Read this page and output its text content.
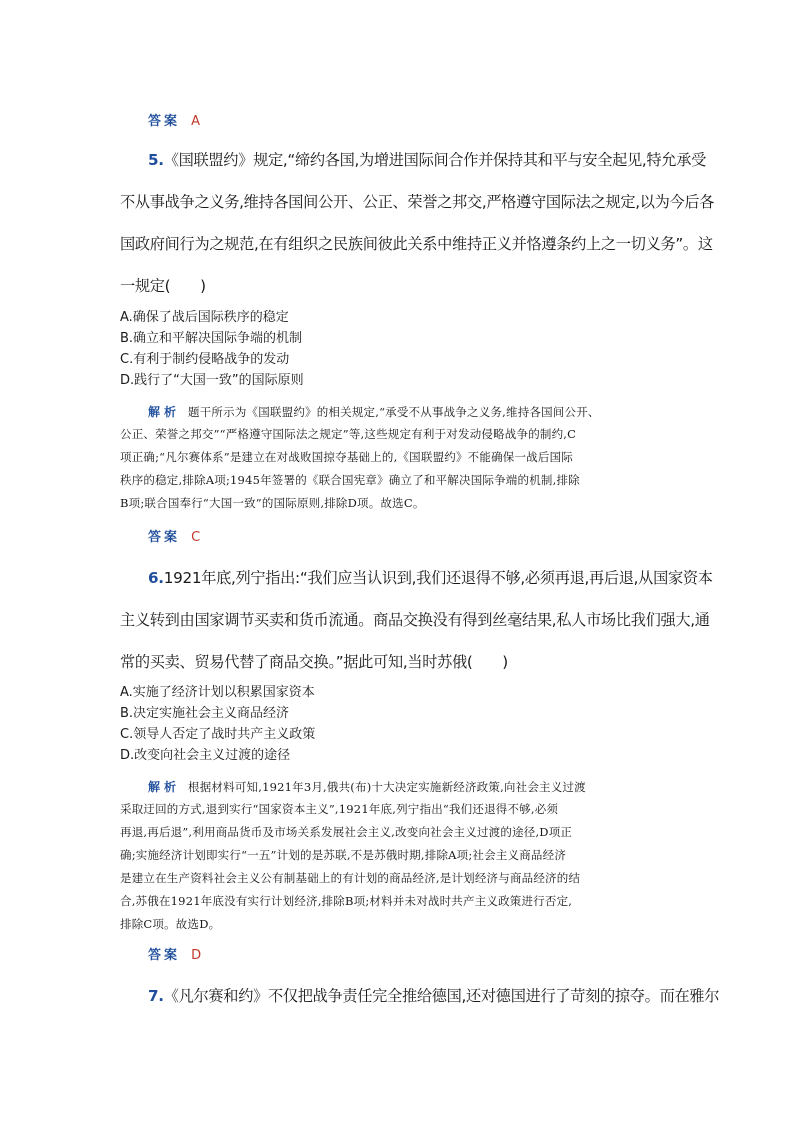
答案 A
5.《国联盟约》规定,“缔约各国,为增进国际间合作并保持其和平与安全起见,特允承受
不从事战争之义务,维持各国间公开、公正、荣誉之邦交,严格遵守国际法之规定,以为今后各
国政府间行为之规范,在有组织之民族间彼此关系中维持正义并恪遵条约上之一切义务”。这
一规定(　　)
A.确保了战后国际秩序的稳定
B.确立和平解决国际争端的机制
C.有利于制约侵略战争的发动
D.践行了“大国一致”的国际原则
解析 题干所示为《国联盟约》的相关规定,“承受不从事战争之义务,维持各国间公开、
公正、荣誉之邦交”“严格遵守国际法之规定”等,这些规定有利于对发动侵略战争的制约,C
项正确;“凡尔赛体系”是建立在对战败国掠夺基础上的,《国联盟约》不能确保一战后国际
秩序的稳定,排除A项;1945年签署的《联合国宪章》确立了和平解决国际争端的机制,排除
B项;联合国奉行“大国一致”的国际原则,排除D项。故选C。
答案 C
6.1921年底,列宁指出:“我们应当认识到,我们还退得不够,必须再退,再后退,从国家资本
主义转到由国家调节买卖和货币流通。商品交换没有得到丝毫结果,私人市场比我们强大,通
常的买卖、贸易代替了商品交换。”据此可知,当时苏俄(　　)
A.实施了经济计划以积累国家资本
B.决定实施社会主义商品经济
C.领导人否定了战时共产主义政策
D.改变向社会主义过渡的途径
解析 根据材料可知,1921年3月,俄共(布)十大决定实施新经济政策,向社会主义过渡
采取迂回的方式,退到实行“国家资本主义”,1921年底,列宁指出“我们还退得不够,必须
再退,再后退”,利用商品货币及市场关系发展社会主义,改变向社会主义过渡的途径,D项正
确;实施经济计划即实行“一五”计划的是苏联,不是苏俄时期,排除A项;社会主义商品经济
是建立在生产资料社会主义公有制基础上的有计划的商品经济,是计划经济与商品经济的结
合,苏俄在1921年底没有实行计划经济,排除B项;材料并未对战时共产主义政策进行否定,
排除C项。故选D。
答案 D
7.《凡尔赛和约》不仅把战争责任完全推给德国,还对德国进行了苛刻的掠夺。而在雅尔
